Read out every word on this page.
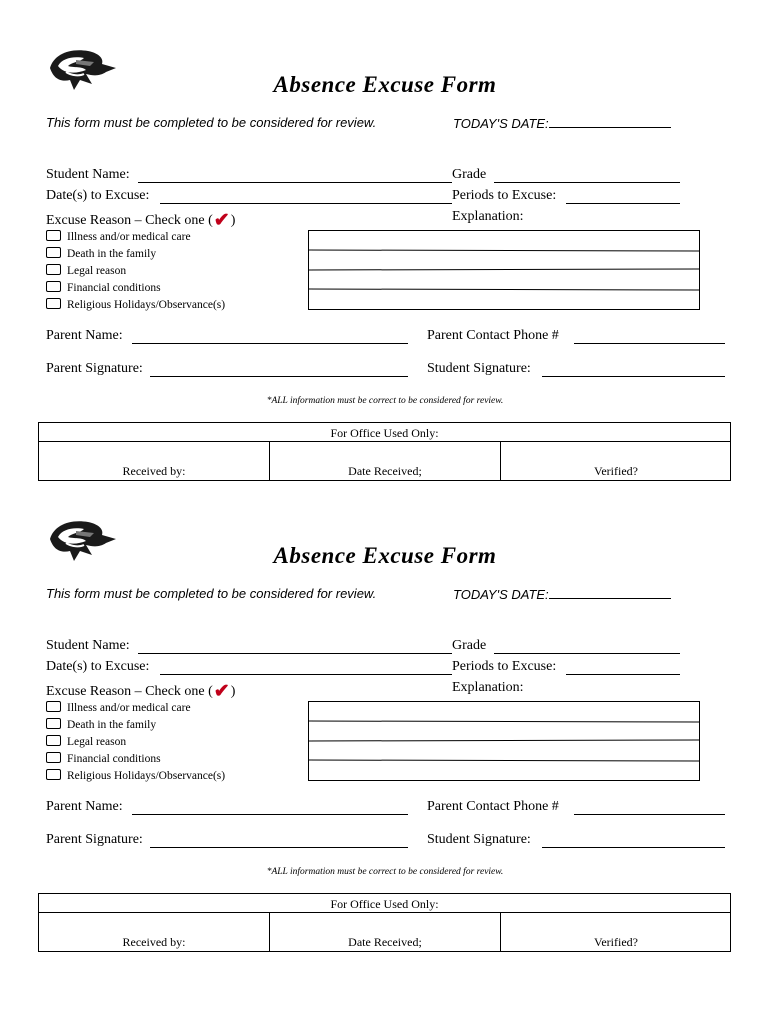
Absence Excuse Form
This form must be completed to be considered for review.	TODAY'S DATE:
Student Name:	Grade
Date(s) to Excuse:	Periods to Excuse:
Excuse Reason – Check one (✔)	Explanation:
Illness and/or medical care
Death in the family
Legal reason
Financial conditions
Religious Holidays/Observance(s)
Parent Name:	Parent Contact Phone #
Parent Signature:	Student Signature:
*ALL information must be correct to be considered for review.
For Office Used Only:
Received by:	Date Received;	Verified?
Absence Excuse Form
This form must be completed to be considered for review.	TODAY'S DATE:
Student Name:	Grade
Date(s) to Excuse:	Periods to Excuse:
Excuse Reason – Check one (✔)	Explanation:
Illness and/or medical care
Death in the family
Legal reason
Financial conditions
Religious Holidays/Observance(s)
Parent Name:	Parent Contact Phone #
Parent Signature:	Student Signature:
*ALL information must be correct to be considered for review.
For Office Used Only:
Received by:	Date Received;	Verified?
